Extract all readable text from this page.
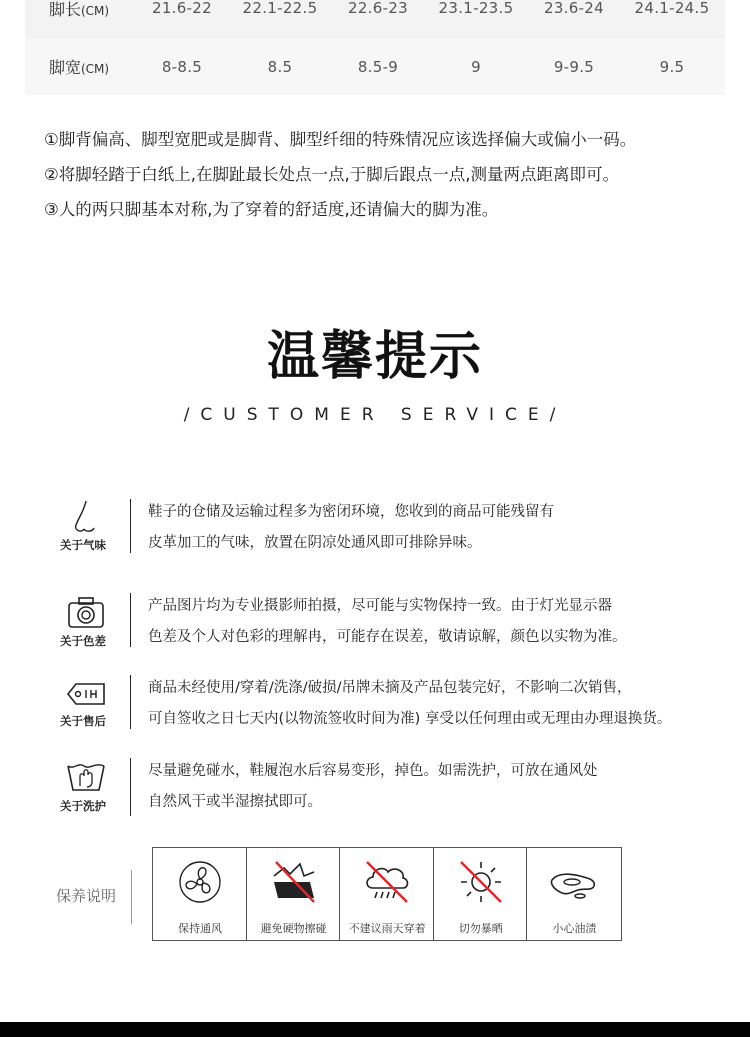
脚长(CM)	21.6-22	22.1-22.5	22.6-23	23.1-23.5	23.6-24	24.1-24.5
脚宽(CM)	8-8.5	8.5	8.5-9	9	9-9.5	9.5
①脚背偏高、脚型宽肥或是脚背、脚型纤细的特殊情况应该选择偏大或偏小一码。
②将脚轻踏于白纸上,在脚趾最长处点一点,于脚后跟点一点,测量两点距离即可。
③人的两只脚基本对称,为了穿着的舒适度,还请偏大的脚为准。
温馨提示
/CUSTOMER SERVICE/
关于气味
鞋子的仓储及运输过程多为密闭环境，您收到的商品可能残留有
皮革加工的气味，放置在阴凉处通风即可排除异味。
关于色差
产品图片均为专业摄影师拍摄，尽可能与实物保持一致。由于灯光显示器
色差及个人对色彩的理解冉，可能存在误差，敬请谅解，颜色以实物为准。
关于售后
商品未经使用/穿着/洗涤/破损/吊牌未摘及产品包装完好，不影响二次销售，
可自签收之日七天内(以物流签收时间为准) 享受以任何理由或无理由办理退换货。
关于洗护
尽量避免碰水，鞋履泡水后容易变形，掉色。如需洗护，可放在通风处
自然风干或半湿擦拭即可。
保养说明
保持通风	避免硬物擦碰	不建议雨天穿着	切勿暴晒	小心油渍
